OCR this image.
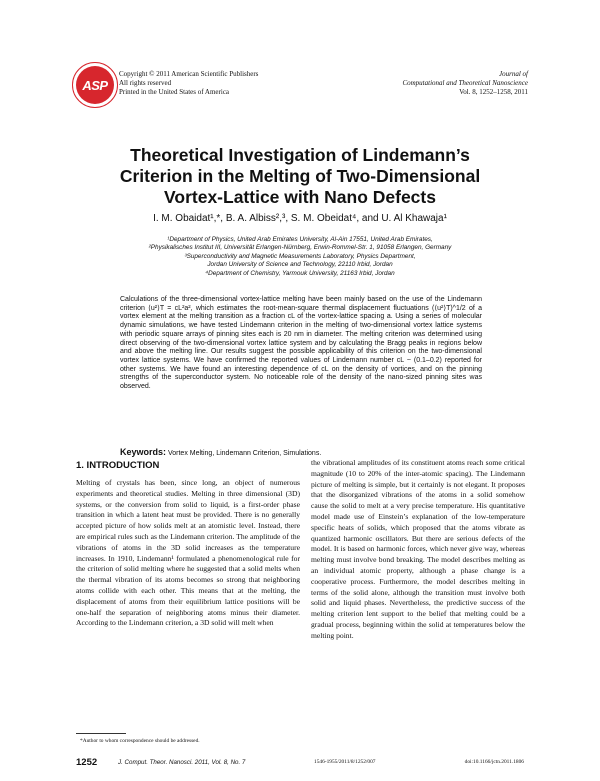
ASP
Copyright © 2011 American Scientific Publishers
All rights reserved
Printed in the United States of America
Journal of
Computational and Theoretical Nanoscience
Vol. 8, 1252–1258, 2011
Theoretical Investigation of Lindemann’s
Criterion in the Melting of Two-Dimensional
Vortex-Lattice with Nano Defects
I. M. Obaidat¹,*, B. A. Albiss²,³, S. M. Obeidat⁴, and U. Al Khawaja¹
¹Department of Physics, United Arab Emirates University, Al-Ain 17551, United Arab Emirates,
²Physikalisches Institut III, Universität Erlangen-Nürnberg, Erwin-Rommel-Str. 1, 91058 Erlangen, Germany
³Superconductivity and Magnetic Measurements Laboratory, Physics Department,
Jordan University of Science and Technology, 22110 Irbid, Jordan
⁴Department of Chemistry, Yarmouk University, 21163 Irbid, Jordan
Calculations of the three-dimensional vortex-lattice melting have been mainly based on the use of the Lindemann criterion ⟨u²⟩T = cL²a², which estimates the root-mean-square thermal displacement fluctuations (⟨u²⟩T)^1/2 of a vortex element at the melting transition as a fraction cL of the vortex-lattice spacing a. Using a series of molecular dynamic simulations, we have tested Lindemann criterion in the melting of two-dimensional vortex lattice systems with periodic square arrays of pinning sites each is 20 nm in diameter. The melting criterion was determined using direct observing of the two-dimensional vortex lattice system and by calculating the Bragg peaks in regions below and above the melting line. Our results suggest the possible applicability of this criterion on the two-dimensional vortex lattice systems. We have confirmed the reported values of Lindemann number cL ~ (0.1–0.2) reported for other systems. We have found an interesting dependence of cL on the density of vortices, and on the pinning strengths of the superconductor system. No noticeable role of the density of the nano-sized pinning sites was observed.
Keywords: Vortex Melting, Lindemann Criterion, Simulations.
1. INTRODUCTION
Melting of crystals has been, since long, an object of numerous experiments and theoretical studies. Melting in three dimensional (3D) systems, or the conversion from solid to liquid, is a first-order phase transition in which a latent heat must be provided. There is no generally accepted picture of how solids melt at an atomistic level. Instead, there are empirical rules such as the Lindemann criterion. The amplitude of the vibrations of atoms in the 3D solid increases as the temperature increases. In 1910, Lindemann¹ formulated a phenomenological rule for the criterion of solid melting where he suggested that a solid melts when the thermal vibration of its atoms becomes so strong that neighboring atoms collide with each other. This means that at the melting, the displacement of atoms from their equilibrium lattice positions will be one-half the separation of neighboring atoms minus their diameter. According to the Lindemann criterion, a 3D solid will melt when
the vibrational amplitudes of its constituent atoms reach some critical magnitude (10 to 20% of the inter-atomic spacing). The Lindemann picture of melting is simple, but it certainly is not elegant. It proposes that the disorganized vibrations of the atoms in a solid somehow cause the solid to melt at a very precise temperature. His quantitative model made use of Einstein’s explanation of the low-temperature specific heats of solids, which proposed that the atoms vibrate as quantized harmonic oscillators. But there are serious defects of the model. It is based on harmonic forces, which never give way, whereas melting must involve bond breaking. The model describes melting as an individual atomic property, although a phase change is a cooperative process. Furthermore, the model describes melting in terms of the solid alone, although the transition must involve both solid and liquid phases. Nevertheless, the predictive success of the melting criterion lent support to the belief that melting could be a gradual process, beginning within the solid at temperatures below the melting point.
*Author to whom correspondence should be addressed.
1252	J. Comput. Theor. Nanosci. 2011, Vol. 8, No. 7	1546-1955/2011/8/1252/007	doi:10.1166/jctn.2011.1806
